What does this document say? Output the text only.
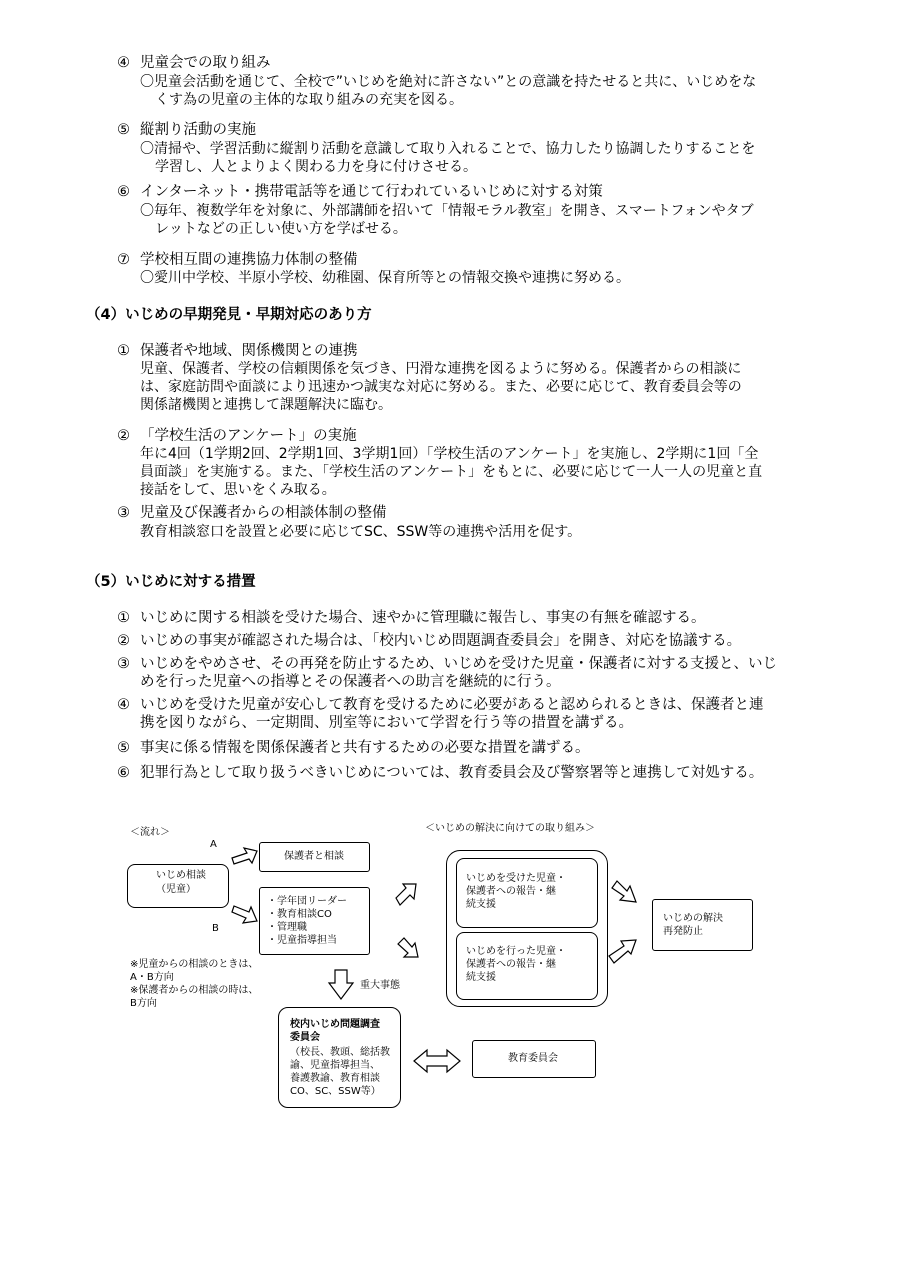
④ 児童会での取り組み
〇児童会活動を通じて、全校で”いじめを絶対に許さない”との意識を持たせると共に、いじめをな
くす為の児童の主体的な取り組みの充実を図る。
⑤ 縦割り活動の実施
〇清掃や、学習活動に縦割り活動を意識して取り入れることで、協力したり協調したりすることを
学習し、人とよりよく関わる力を身に付けさせる。
⑥ インターネット・携帯電話等を通じて行われているいじめに対する対策
〇毎年、複数学年を対象に、外部講師を招いて「情報モラル教室」を開き、スマートフォンやタブ
レットなどの正しい使い方を学ばせる。
⑦ 学校相互間の連携協力体制の整備
〇愛川中学校、半原小学校、幼稚園、保育所等との情報交換や連携に努める。
（4）いじめの早期発見・早期対応のあり方
① 保護者や地域、関係機関との連携
児童、保護者、学校の信頼関係を気づき、円滑な連携を図るように努める。保護者からの相談に
は、家庭訪問や面談により迅速かつ誠実な対応に努める。また、必要に応じて、教育委員会等の
関係諸機関と連携して課題解決に臨む。
② 「学校生活のアンケート」の実施
年に4回（1学期2回、2学期1回、3学期1回）「学校生活のアンケート」を実施し、2学期に1回「全
員面談」を実施する。また、「学校生活のアンケート」をもとに、必要に応じて一人一人の児童と直
接話をして、思いをくみ取る。
③ 児童及び保護者からの相談体制の整備
教育相談窓口を設置と必要に応じてSC、SSW等の連携や活用を促す。
（5）いじめに対する措置
① いじめに関する相談を受けた場合、速やかに管理職に報告し、事実の有無を確認する。
② いじめの事実が確認された場合は、「校内いじめ問題調査委員会」を開き、対応を協議する。
③ いじめをやめさせ、その再発を防止するため、いじめを受けた児童・保護者に対する支援と、いじ
めを行った児童への指導とその保護者への助言を継続的に行う。
④ いじめを受けた児童が安心して教育を受けるために必要があると認められるときは、保護者と連
携を図りながら、一定期間、別室等において学習を行う等の措置を講ずる。
⑤ 事実に係る情報を関係保護者と共有するための必要な措置を講ずる。
⑥ 犯罪行為として取り扱うべきいじめについては、教育委員会及び警察署等と連携して対処する。
＜流れ＞	＜いじめの解決に向けての取り組み＞
A
B
いじめ相談
（児童）
保護者と相談
・学年団リーダー
・教育相談CO
・管理職
・児童指導担当
※児童からの相談のときは、
A・B方向
※保護者からの相談の時は、
B方向
重大事態
いじめを受けた児童・
保護者への報告・継
続支援
いじめを行った児童・
保護者への報告・継
続支援
いじめの解決
再発防止
校内いじめ問題調査
委員会
（校長、教頭、総括教
諭、児童指導担当、
養護教諭、教育相談
CO、SC、SSW等）
教育委員会
